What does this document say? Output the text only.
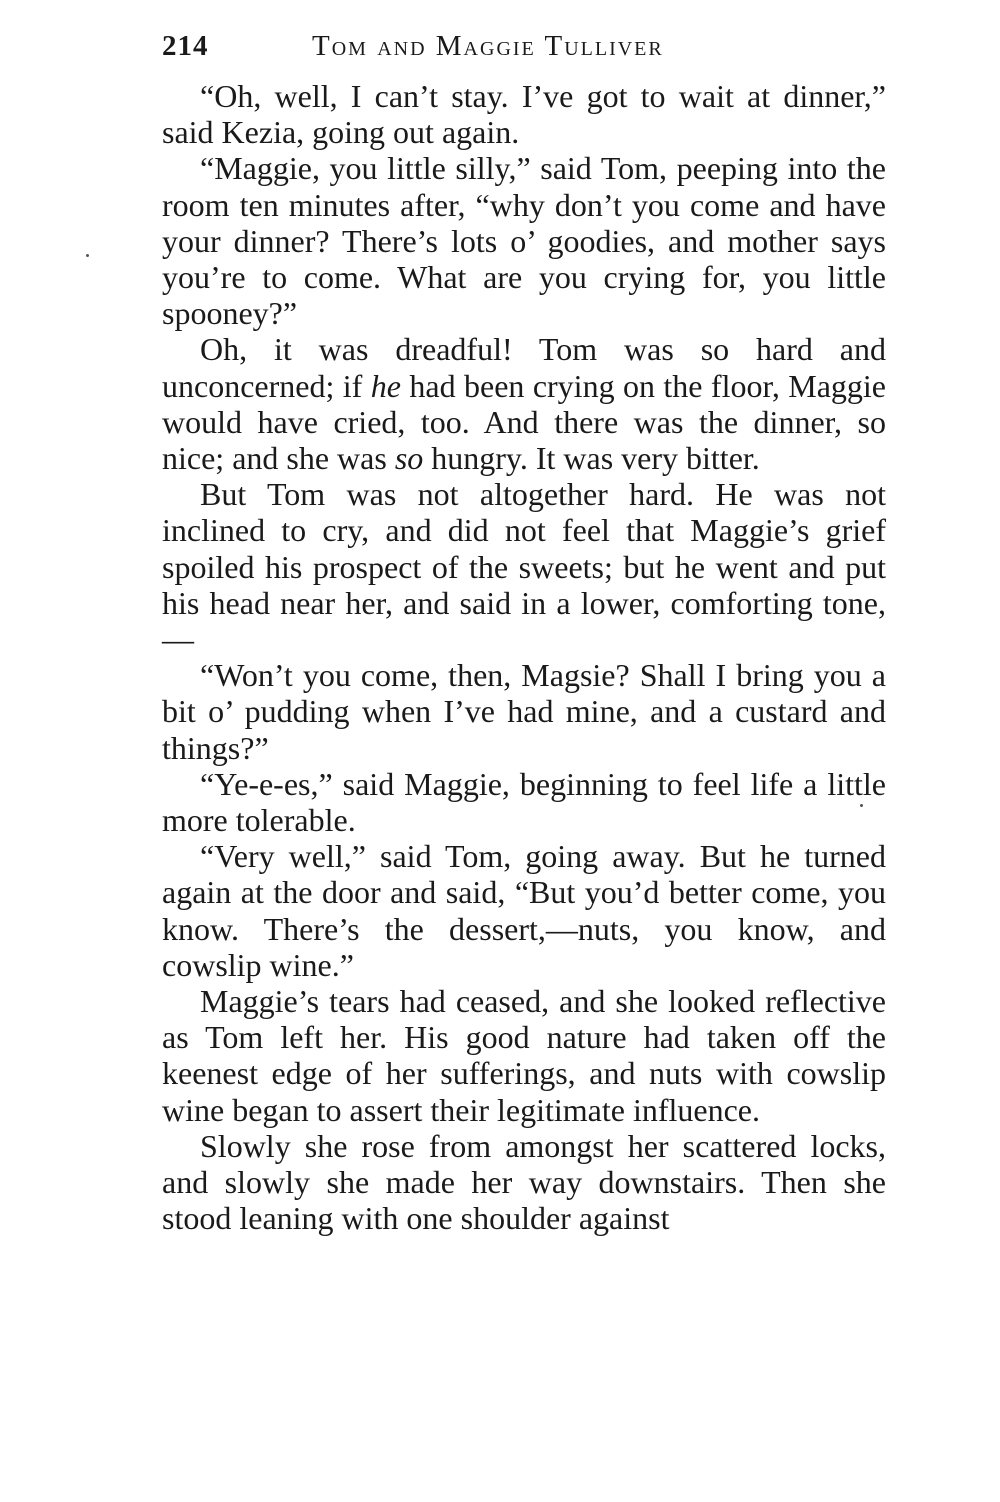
214	Tom and Maggie Tulliver

“Oh, well, I can’t stay. I’ve got to wait at dinner,” said Kezia, going out again.

“Maggie, you little silly,” said Tom, peeping into the room ten minutes after, “why don’t you come and have your dinner? There’s lots o’ goodies, and mother says you’re to come. What are you crying for, you little spooney?”

Oh, it was dreadful! Tom was so hard and unconcerned; if he had been crying on the floor, Maggie would have cried, too. And there was the dinner, so nice; and she was so hungry. It was very bitter.

But Tom was not altogether hard. He was not inclined to cry, and did not feel that Maggie’s grief spoiled his prospect of the sweets; but he went and put his head near her, and said in a lower, comforting tone,—

“Won’t you come, then, Magsie? Shall I bring you a bit o’ pudding when I’ve had mine, and a custard and things?”

“Ye-e-es,” said Maggie, beginning to feel life a little more tolerable.

“Very well,” said Tom, going away. But he turned again at the door and said, “But you’d better come, you know. There’s the dessert,—nuts, you know, and cowslip wine.”

Maggie’s tears had ceased, and she looked reflective as Tom left her. His good nature had taken off the keenest edge of her sufferings, and nuts with cowslip wine began to assert their legitimate influence.

Slowly she rose from amongst her scattered locks, and slowly she made her way downstairs. Then she stood leaning with one shoulder against
